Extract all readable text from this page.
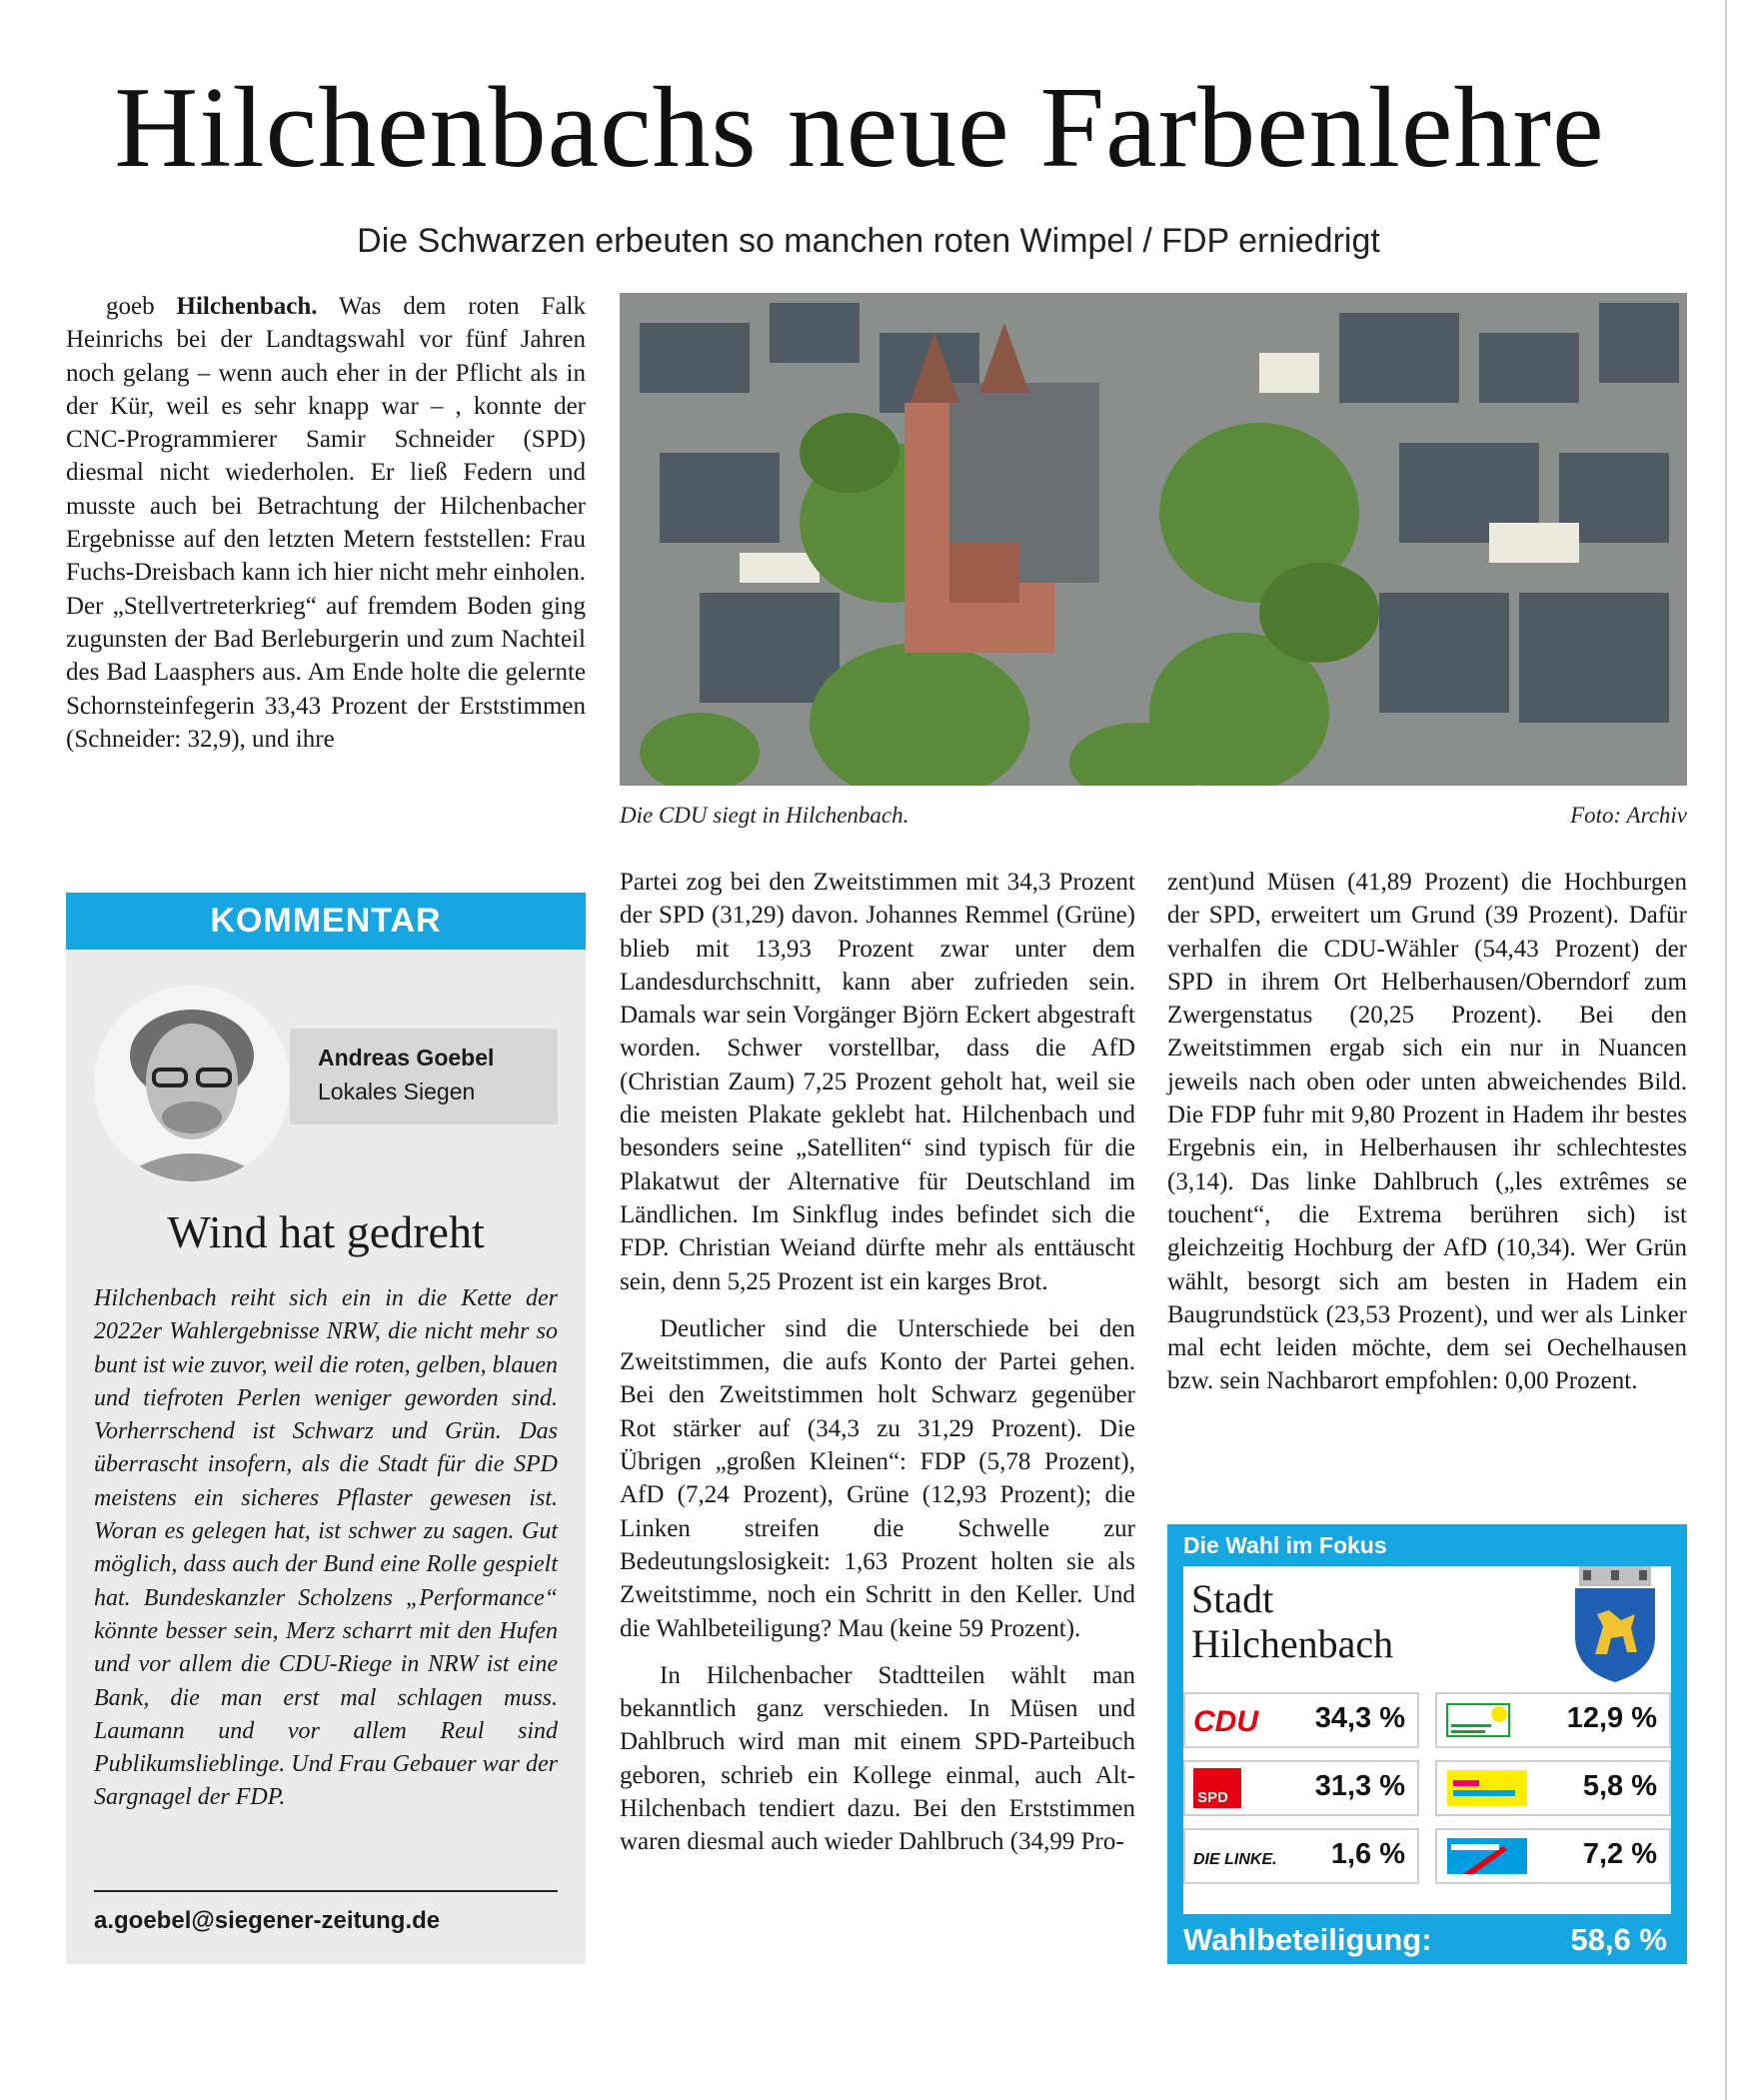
Hilchenbachs neue Farbenlehre
Die Schwarzen erbeuten so manchen roten Wimpel / FDP erniedrigt

goeb Hilchenbach. Was dem roten Falk Heinrichs bei der Landtagswahl vor fünf Jahren noch gelang – wenn auch eher in der Pflicht als in der Kür, weil es sehr knapp war – , konnte der CNC-Programmierer Samir Schneider (SPD) diesmal nicht wiederholen. Er ließ Federn und musste auch bei Betrachtung der Hilchenbacher Ergebnisse auf den letzten Metern feststellen: Frau Fuchs-Dreisbach kann ich hier nicht mehr einholen. Der „Stellvertreterkrieg“ auf fremdem Boden ging zugunsten der Bad Berleburgerin und zum Nachteil des Bad Laasphers aus. Am Ende holte die gelernte Schornsteinfegerin 33,43 Prozent der Erststimmen (Schneider: 32,9), und ihre

Die CDU siegt in Hilchenbach.	Foto: Archiv
KOMMENTAR
Andreas Goebel
Lokales Siegen
Wind hat gedreht
Hilchenbach reiht sich ein in die Kette der 2022er Wahlergebnisse NRW, die nicht mehr so bunt ist wie zuvor, weil die roten, gelben, blauen und tiefroten Perlen weniger geworden sind. Vorherrschend ist Schwarz und Grün. Das überrascht insofern, als die Stadt für die SPD meistens ein sicheres Pflaster gewesen ist. Woran es gelegen hat, ist schwer zu sagen. Gut möglich, dass auch der Bund eine Rolle gespielt hat. Bundeskanzler Scholzens „Performance“ könnte besser sein, Merz scharrt mit den Hufen und vor allem die CDU-Riege in NRW ist eine Bank, die man erst mal schlagen muss. Laumann und vor allem Reul sind Publikumslieblinge. Und Frau Gebauer war der Sargnagel der FDP.
a.goebel@siegener-zeitung.de

Partei zog bei den Zweitstimmen mit 34,3 Prozent der SPD (31,29) davon. Johannes Remmel (Grüne) blieb mit 13,93 Prozent zwar unter dem Landesdurchschnitt, kann aber zufrieden sein. Damals war sein Vorgänger Björn Eckert abgestraft worden. Schwer vorstellbar, dass die AfD (Christian Zaum) 7,25 Prozent geholt hat, weil sie die meisten Plakate geklebt hat. Hilchenbach und besonders seine „Satelliten“ sind typisch für die Plakatwut der Alternative für Deutschland im Ländlichen. Im Sinkflug indes befindet sich die FDP. Christian Weiand dürfte mehr als enttäuscht sein, denn 5,25 Prozent ist ein karges Brot.

Deutlicher sind die Unterschiede bei den Zweitstimmen, die aufs Konto der Partei gehen. Bei den Zweitstimmen holt Schwarz gegenüber Rot stärker auf (34,3 zu 31,29 Prozent). Die Übrigen „großen Kleinen“: FDP (5,78 Prozent), AfD (7,24 Prozent), Grüne (12,93 Prozent); die Linken streifen die Schwelle zur Bedeutungslosigkeit: 1,63 Prozent holten sie als Zweitstimme, noch ein Schritt in den Keller. Und die Wahlbeteiligung? Mau (keine 59 Prozent).

In Hilchenbacher Stadtteilen wählt man bekanntlich ganz verschieden. In Müsen und Dahlbruch wird man mit einem SPD-Parteibuch geboren, schrieb ein Kollege einmal, auch Alt-Hilchenbach tendiert dazu. Bei den Erststimmen waren diesmal auch wieder Dahlbruch (34,99 Pro-

zent)und Müsen (41,89 Prozent) die Hochburgen der SPD, erweitert um Grund (39 Prozent). Dafür verhalfen die CDU-Wähler (54,43 Prozent) der SPD in ihrem Ort Helberhausen/Oberndorf zum Zwergenstatus (20,25 Prozent). Bei den Zweitstimmen ergab sich ein nur in Nuancen jeweils nach oben oder unten abweichendes Bild. Die FDP fuhr mit 9,80 Prozent in Hadem ihr bestes Ergebnis ein, in Helberhausen ihr schlechtestes (3,14). Das linke Dahlbruch („les extrêmes se touchent“, die Extrema berühren sich) ist gleichzeitig Hochburg der AfD (10,34). Wer Grün wählt, besorgt sich am besten in Hadem ein Baugrundstück (23,53 Prozent), und wer als Linker mal echt leiden möchte, dem sei Oechelhausen bzw. sein Nachbarort empfohlen: 0,00 Prozent.

Die Wahl im Fokus
Stadt
Hilchenbach
CDU 34,3 %	12,9 %
SPD	31,3 %	5,8 %
DIE LINKE. 1,6 %	7,2 %
Wahlbeteiligung:	58,6 %
